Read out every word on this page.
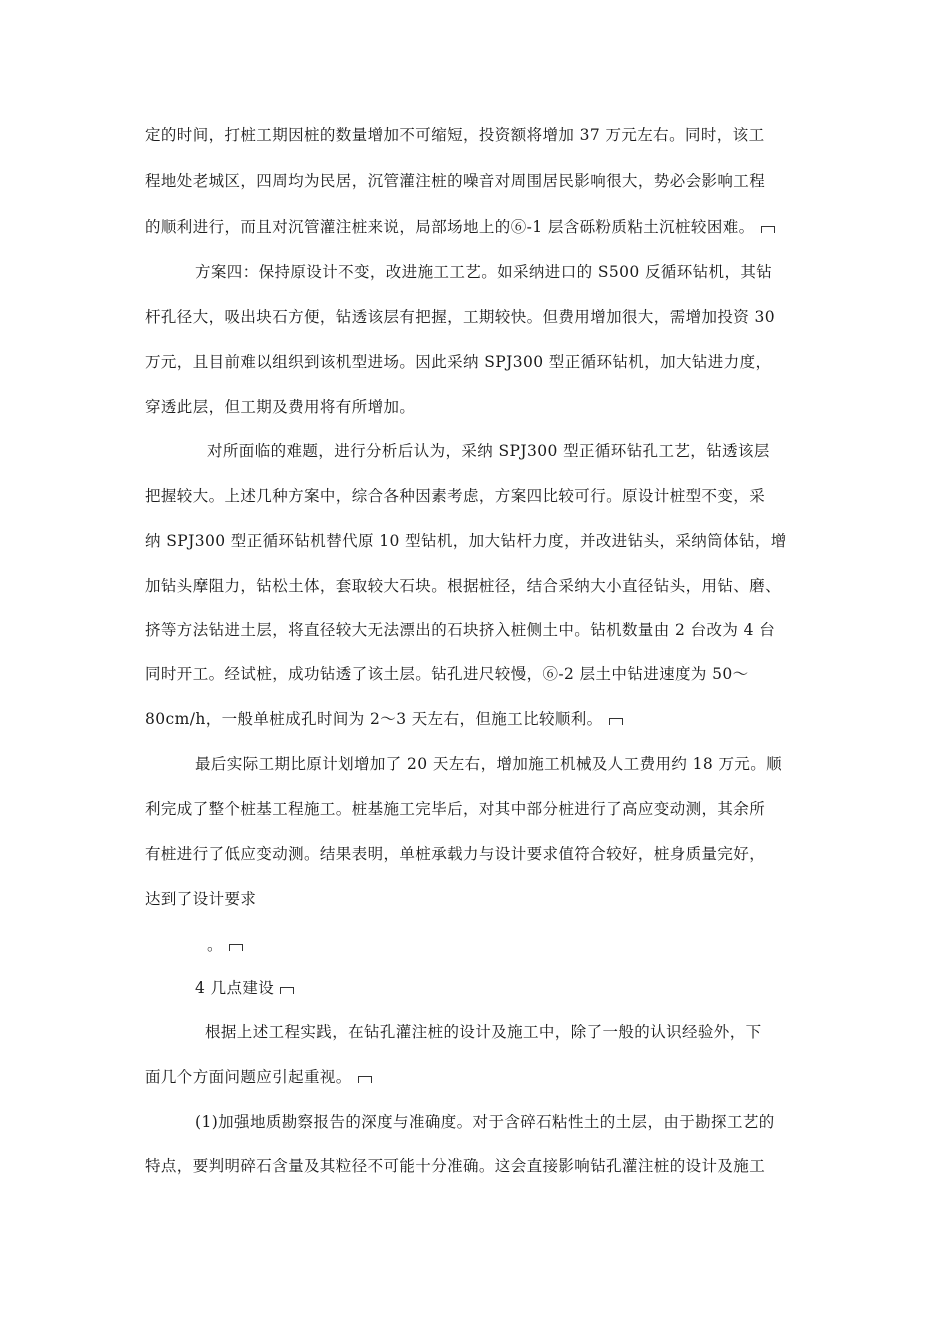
定的时间，打桩工期因桩的数量增加不可缩短，投资额将增加 37 万元左右。同时，该工
程地处老城区，四周均为民居，沉管灌注桩的噪音对周围居民影响很大，势必会影响工程
的顺利进行，而且对沉管灌注桩来说，局部场地上的⑥-1 层含砾粉质粘土沉桩较困难。
方案四：保持原设计不变，改进施工工艺。如采纳进口的 S500 反循环钻机，其钻
杆孔径大，吸出块石方便，钻透该层有把握，工期较快。但费用增加很大，需增加投资 30
万元，且目前难以组织到该机型进场。因此采纳 SPJ300 型正循环钻机，加大钻进力度，
穿透此层，但工期及费用将有所增加。
对所面临的难题，进行分析后认为，采纳 SPJ300 型正循环钻孔工艺，钻透该层
把握较大。上述几种方案中，综合各种因素考虑，方案四比较可行。原设计桩型不变，采
纳 SPJ300 型正循环钻机替代原 10 型钻机，加大钻杆力度，并改进钻头，采纳筒体钻，增
加钻头摩阻力，钻松土体，套取较大石块。根据桩径，结合采纳大小直径钻头，用钻、磨、
挤等方法钻进土层，将直径较大无法漂出的石块挤入桩侧土中。钻机数量由 2 台改为 4 台
同时开工。经试桩，成功钻透了该土层。钻孔进尺较慢，⑥-2 层土中钻进速度为 50～
80cm/h，一般单桩成孔时间为 2～3 天左右，但施工比较顺利。
最后实际工期比原计划增加了 20 天左右，增加施工机械及人工费用约 18 万元。顺
利完成了整个桩基工程施工。桩基施工完毕后，对其中部分桩进行了高应变动测，其余所
有桩进行了低应变动测。结果表明，单桩承载力与设计要求值符合较好，桩身质量完好，
达到了设计要求
。
4 几点建设
根据上述工程实践，在钻孔灌注桩的设计及施工中，除了一般的认识经验外，下
面几个方面问题应引起重视。
(1)加强地质勘察报告的深度与准确度。对于含碎石粘性土的土层，由于勘探工艺的
特点，要判明碎石含量及其粒径不可能十分准确。这会直接影响钻孔灌注桩的设计及施工
